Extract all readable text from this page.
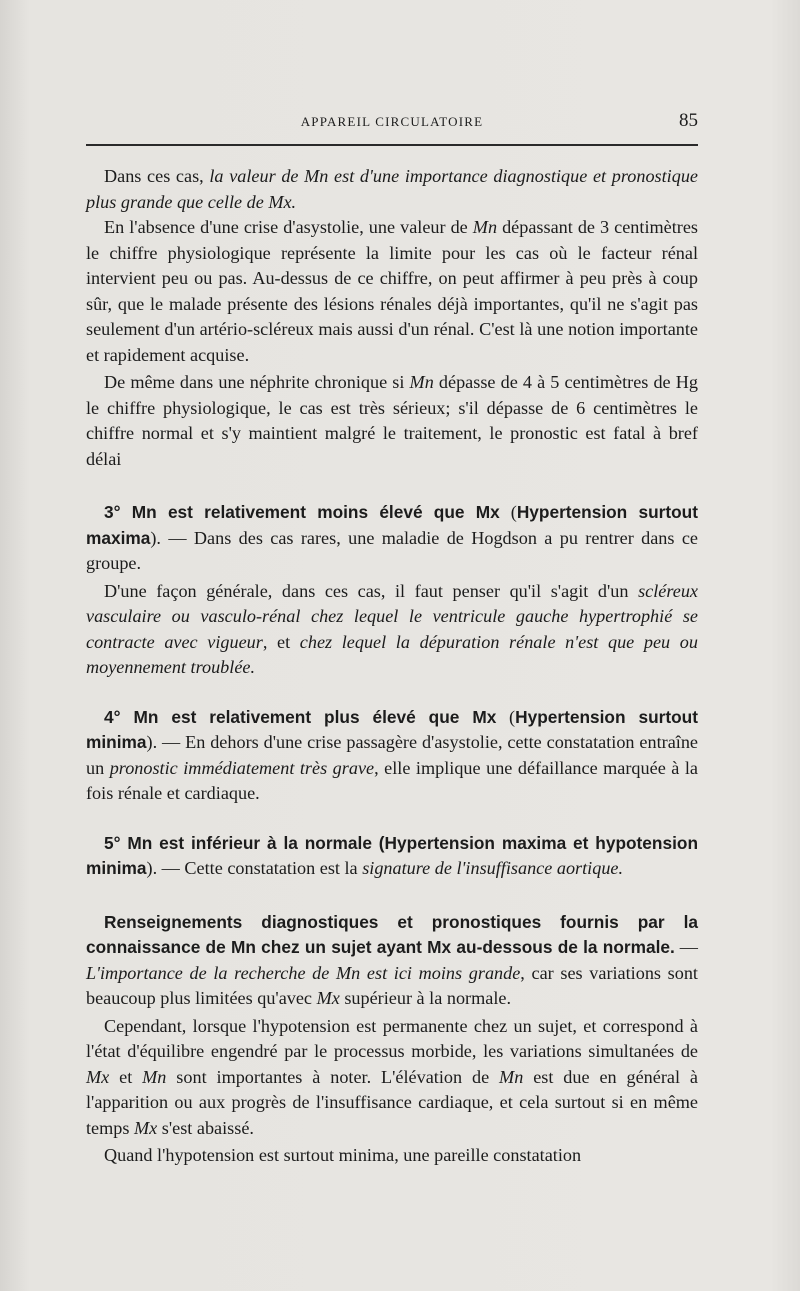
APPAREIL CIRCULATOIRE	85

Dans ces cas, la valeur de Mn est d'une importance diagnostique et pronostique plus grande que celle de Mx.

En l'absence d'une crise d'asystolie, une valeur de Mn dépassant de 3 centimètres le chiffre physiologique représente la limite pour les cas où le facteur rénal intervient peu ou pas. Au-dessus de ce chiffre, on peut affirmer à peu près à coup sûr, que le malade présente des lésions rénales déjà importantes, qu'il ne s'agit pas seulement d'un artério-scléreux mais aussi d'un rénal. C'est là une notion importante et rapidement acquise.

De même dans une néphrite chronique si Mn dépasse de 4 à 5 centimètres de Hg le chiffre physiologique, le cas est très sérieux; s'il dépasse de 6 centimètres le chiffre normal et s'y maintient malgré le traitement, le pronostic est fatal à bref délai

3° Mn est relativement moins élevé que Mx (Hypertension surtout maxima). — Dans des cas rares, une maladie de Hogdson a pu rentrer dans ce groupe.

D'une façon générale, dans ces cas, il faut penser qu'il s'agit d'un scléreux vasculaire ou vasculo-rénal chez lequel le ventricule gauche hypertrophié se contracte avec vigueur, et chez lequel la dépuration rénale n'est que peu ou moyennement troublée.

4° Mn est relativement plus élevé que Mx (Hypertension surtout minima). — En dehors d'une crise passagère d'asystolie, cette constatation entraîne un pronostic immédiatement très grave, elle implique une défaillance marquée à la fois rénale et cardiaque.

5° Mn est inférieur à la normale (Hypertension maxima et hypotension minima). — Cette constatation est la signature de l'insuffisance aortique.

Renseignements diagnostiques et pronostiques fournis par la connaissance de Mn chez un sujet ayant Mx au-dessous de la normale. — L'importance de la recherche de Mn est ici moins grande, car ses variations sont beaucoup plus limitées qu'avec Mx supérieur à la normale.

Cependant, lorsque l'hypotension est permanente chez un sujet, et correspond à l'état d'équilibre engendré par le processus morbide, les variations simultanées de Mx et Mn sont importantes à noter. L'élévation de Mn est due en général à l'apparition ou aux progrès de l'insuffisance cardiaque, et cela surtout si en même temps Mx s'est abaissé.

Quand l'hypotension est surtout minima, une pareille constatation
